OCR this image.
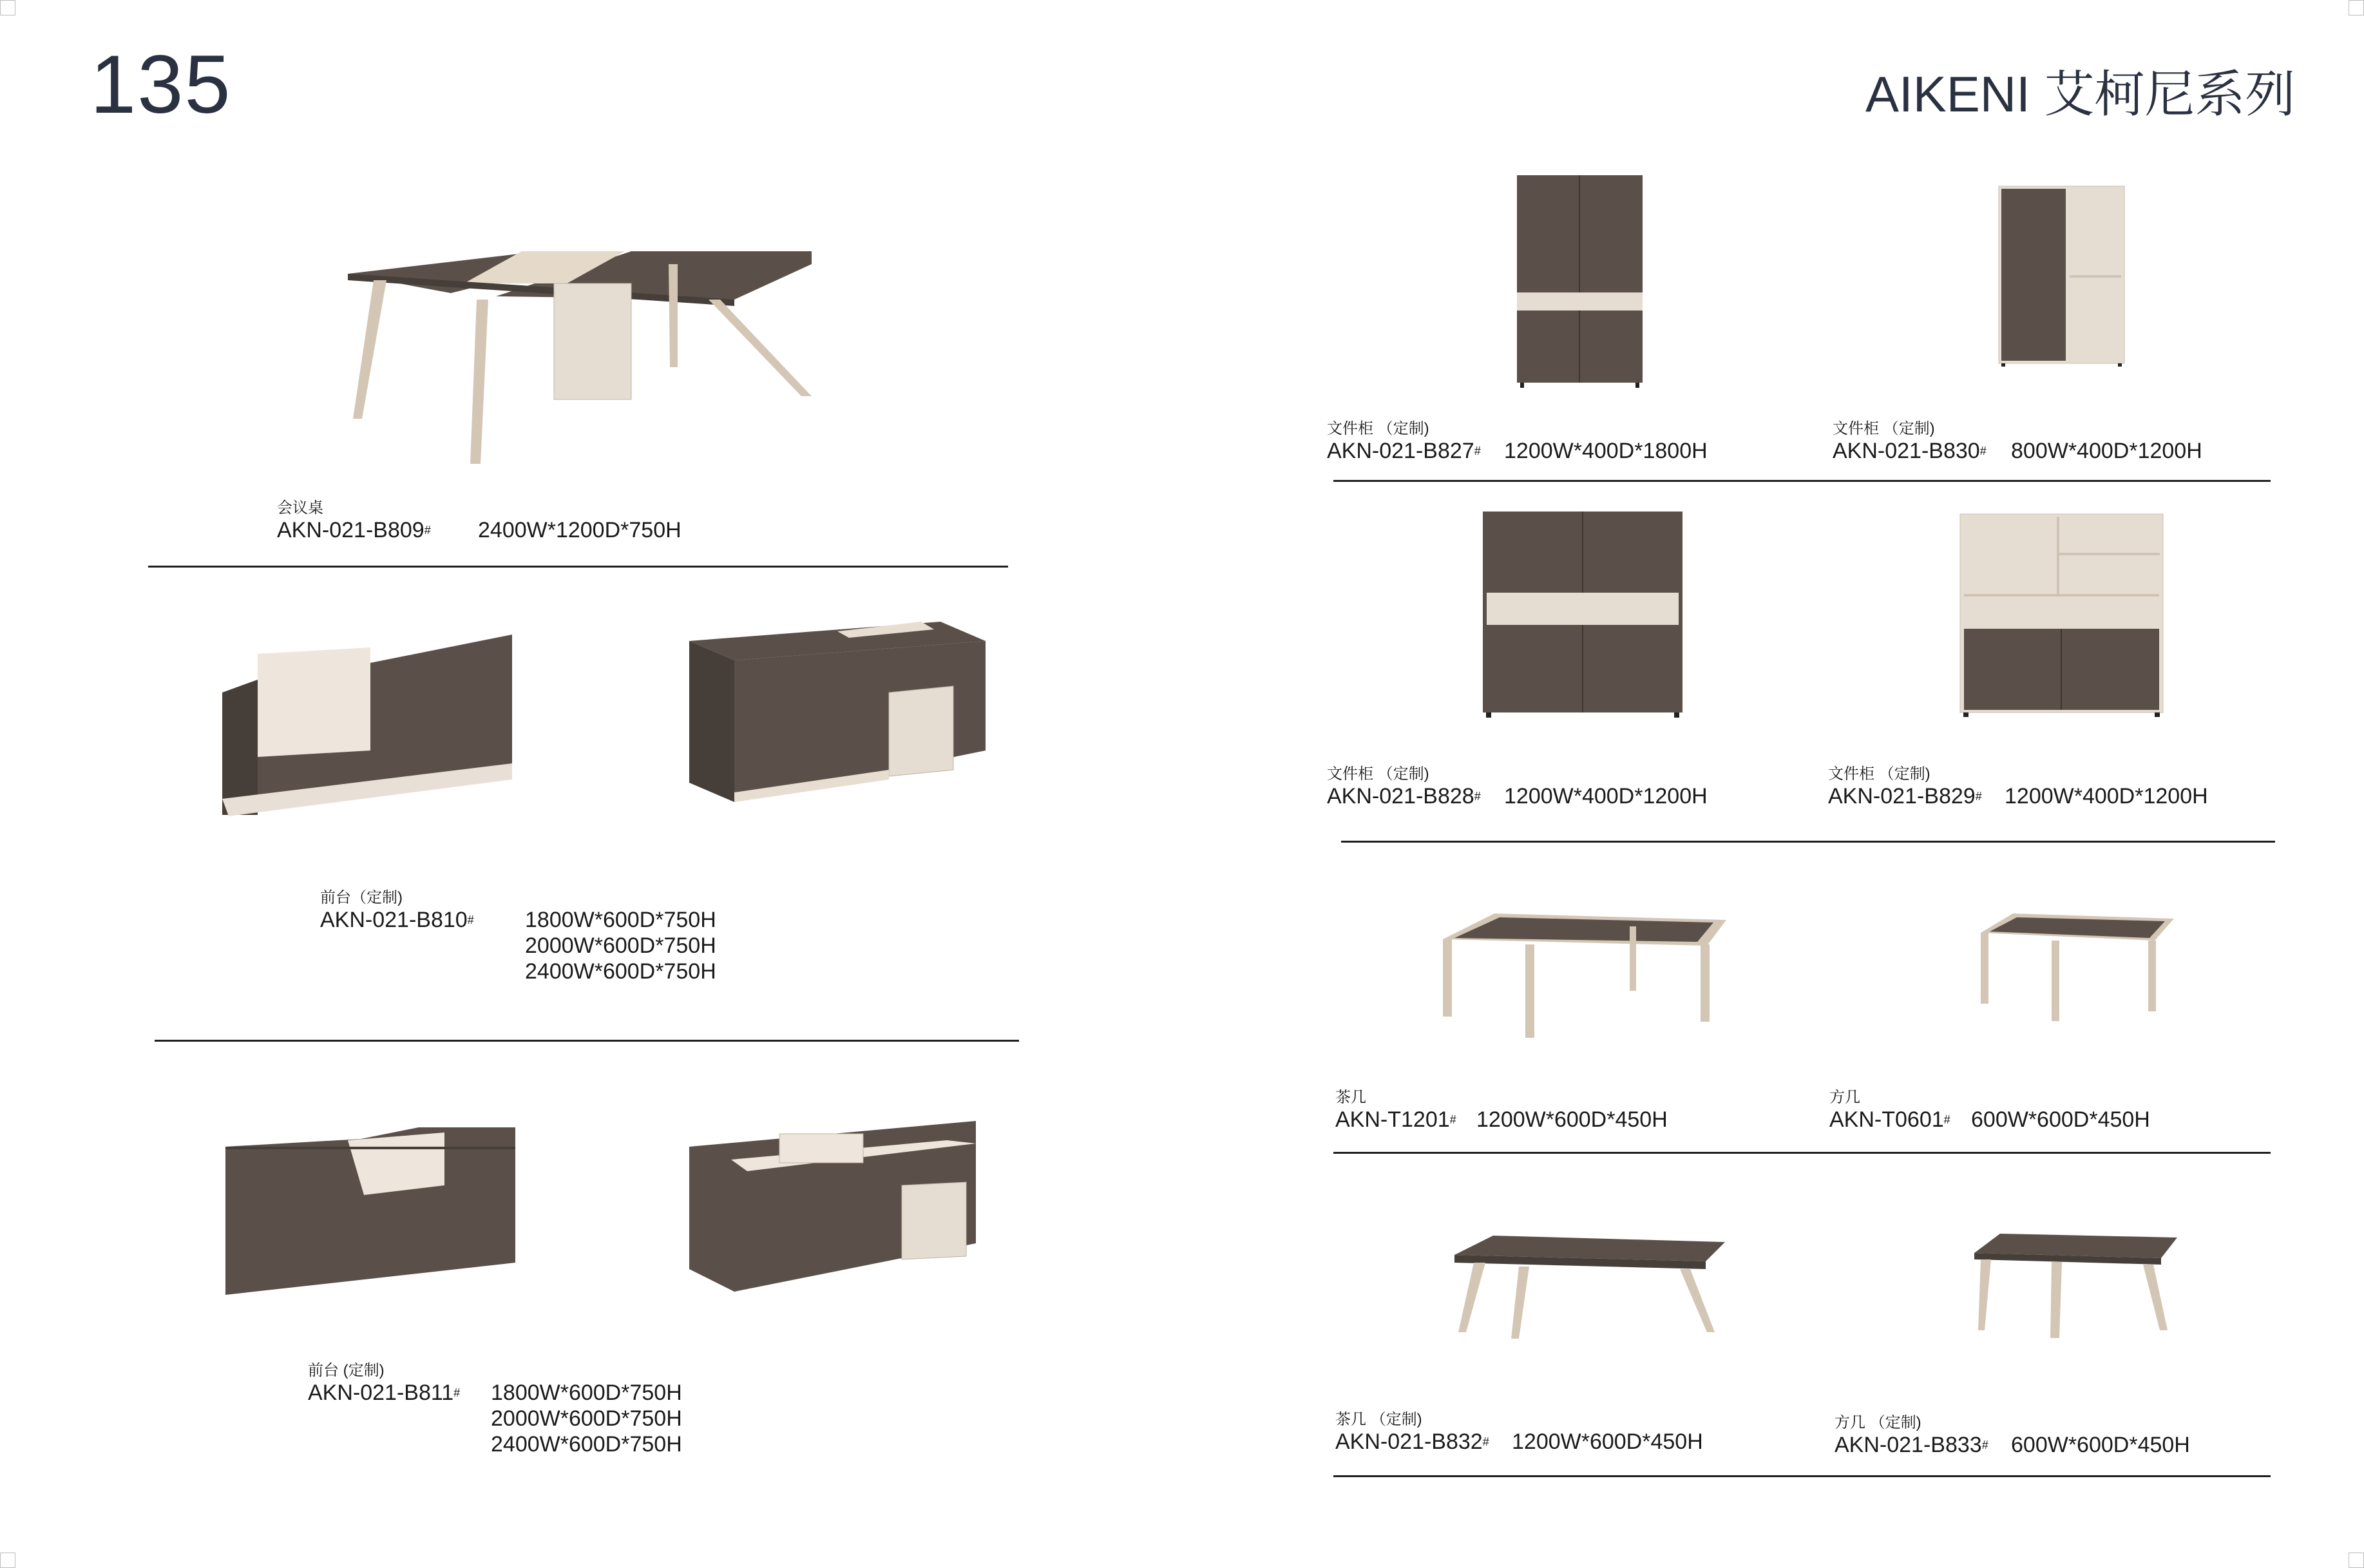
135	AIKENI 艾柯尼系列
会议桌
AKN-021-B809# 2400W*1200D*750H
前台（定制)
AKN-021-B810# 1800W*600D*750H
2000W*600D*750H
2400W*600D*750H
前台 (定制)
AKN-021-B811# 1800W*600D*750H
2000W*600D*750H
2400W*600D*750H
文件柜 （定制)
AKN-021-B827# 1200W*400D*1800H
文件柜 （定制)
AKN-021-B830# 800W*400D*1200H
文件柜 （定制)
AKN-021-B828# 1200W*400D*1200H
文件柜 （定制)
AKN-021-B829# 1200W*400D*1200H
茶几
AKN-T1201# 1200W*600D*450H
方几
AKN-T0601# 600W*600D*450H
茶几 （定制)
AKN-021-B832# 1200W*600D*450H
方几 （定制)
AKN-021-B833# 600W*600D*450H
